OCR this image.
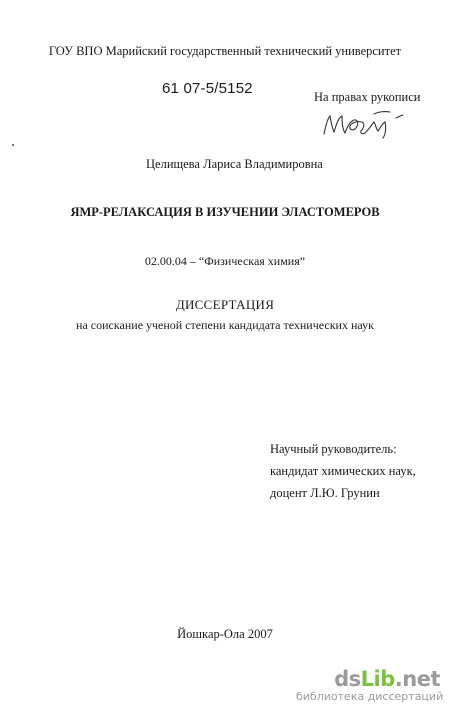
ГОУ ВПО Марийский государственный технический университет
61 07-5/5152	На правах рукописи
Целищева Лариса Владимировна
ЯМР-РЕЛАКСАЦИЯ В ИЗУЧЕНИИ ЭЛАСТОМЕРОВ
02.00.04 – “Физическая химия”
ДИССЕРТАЦИЯ
на соискание ученой степени кандидата технических наук
Научный руководитель:
кандидат химических наук,
доцент Л.Ю. Грунин
Йошкар-Ола 2007
dsLib.net
библиотека диссертаций
